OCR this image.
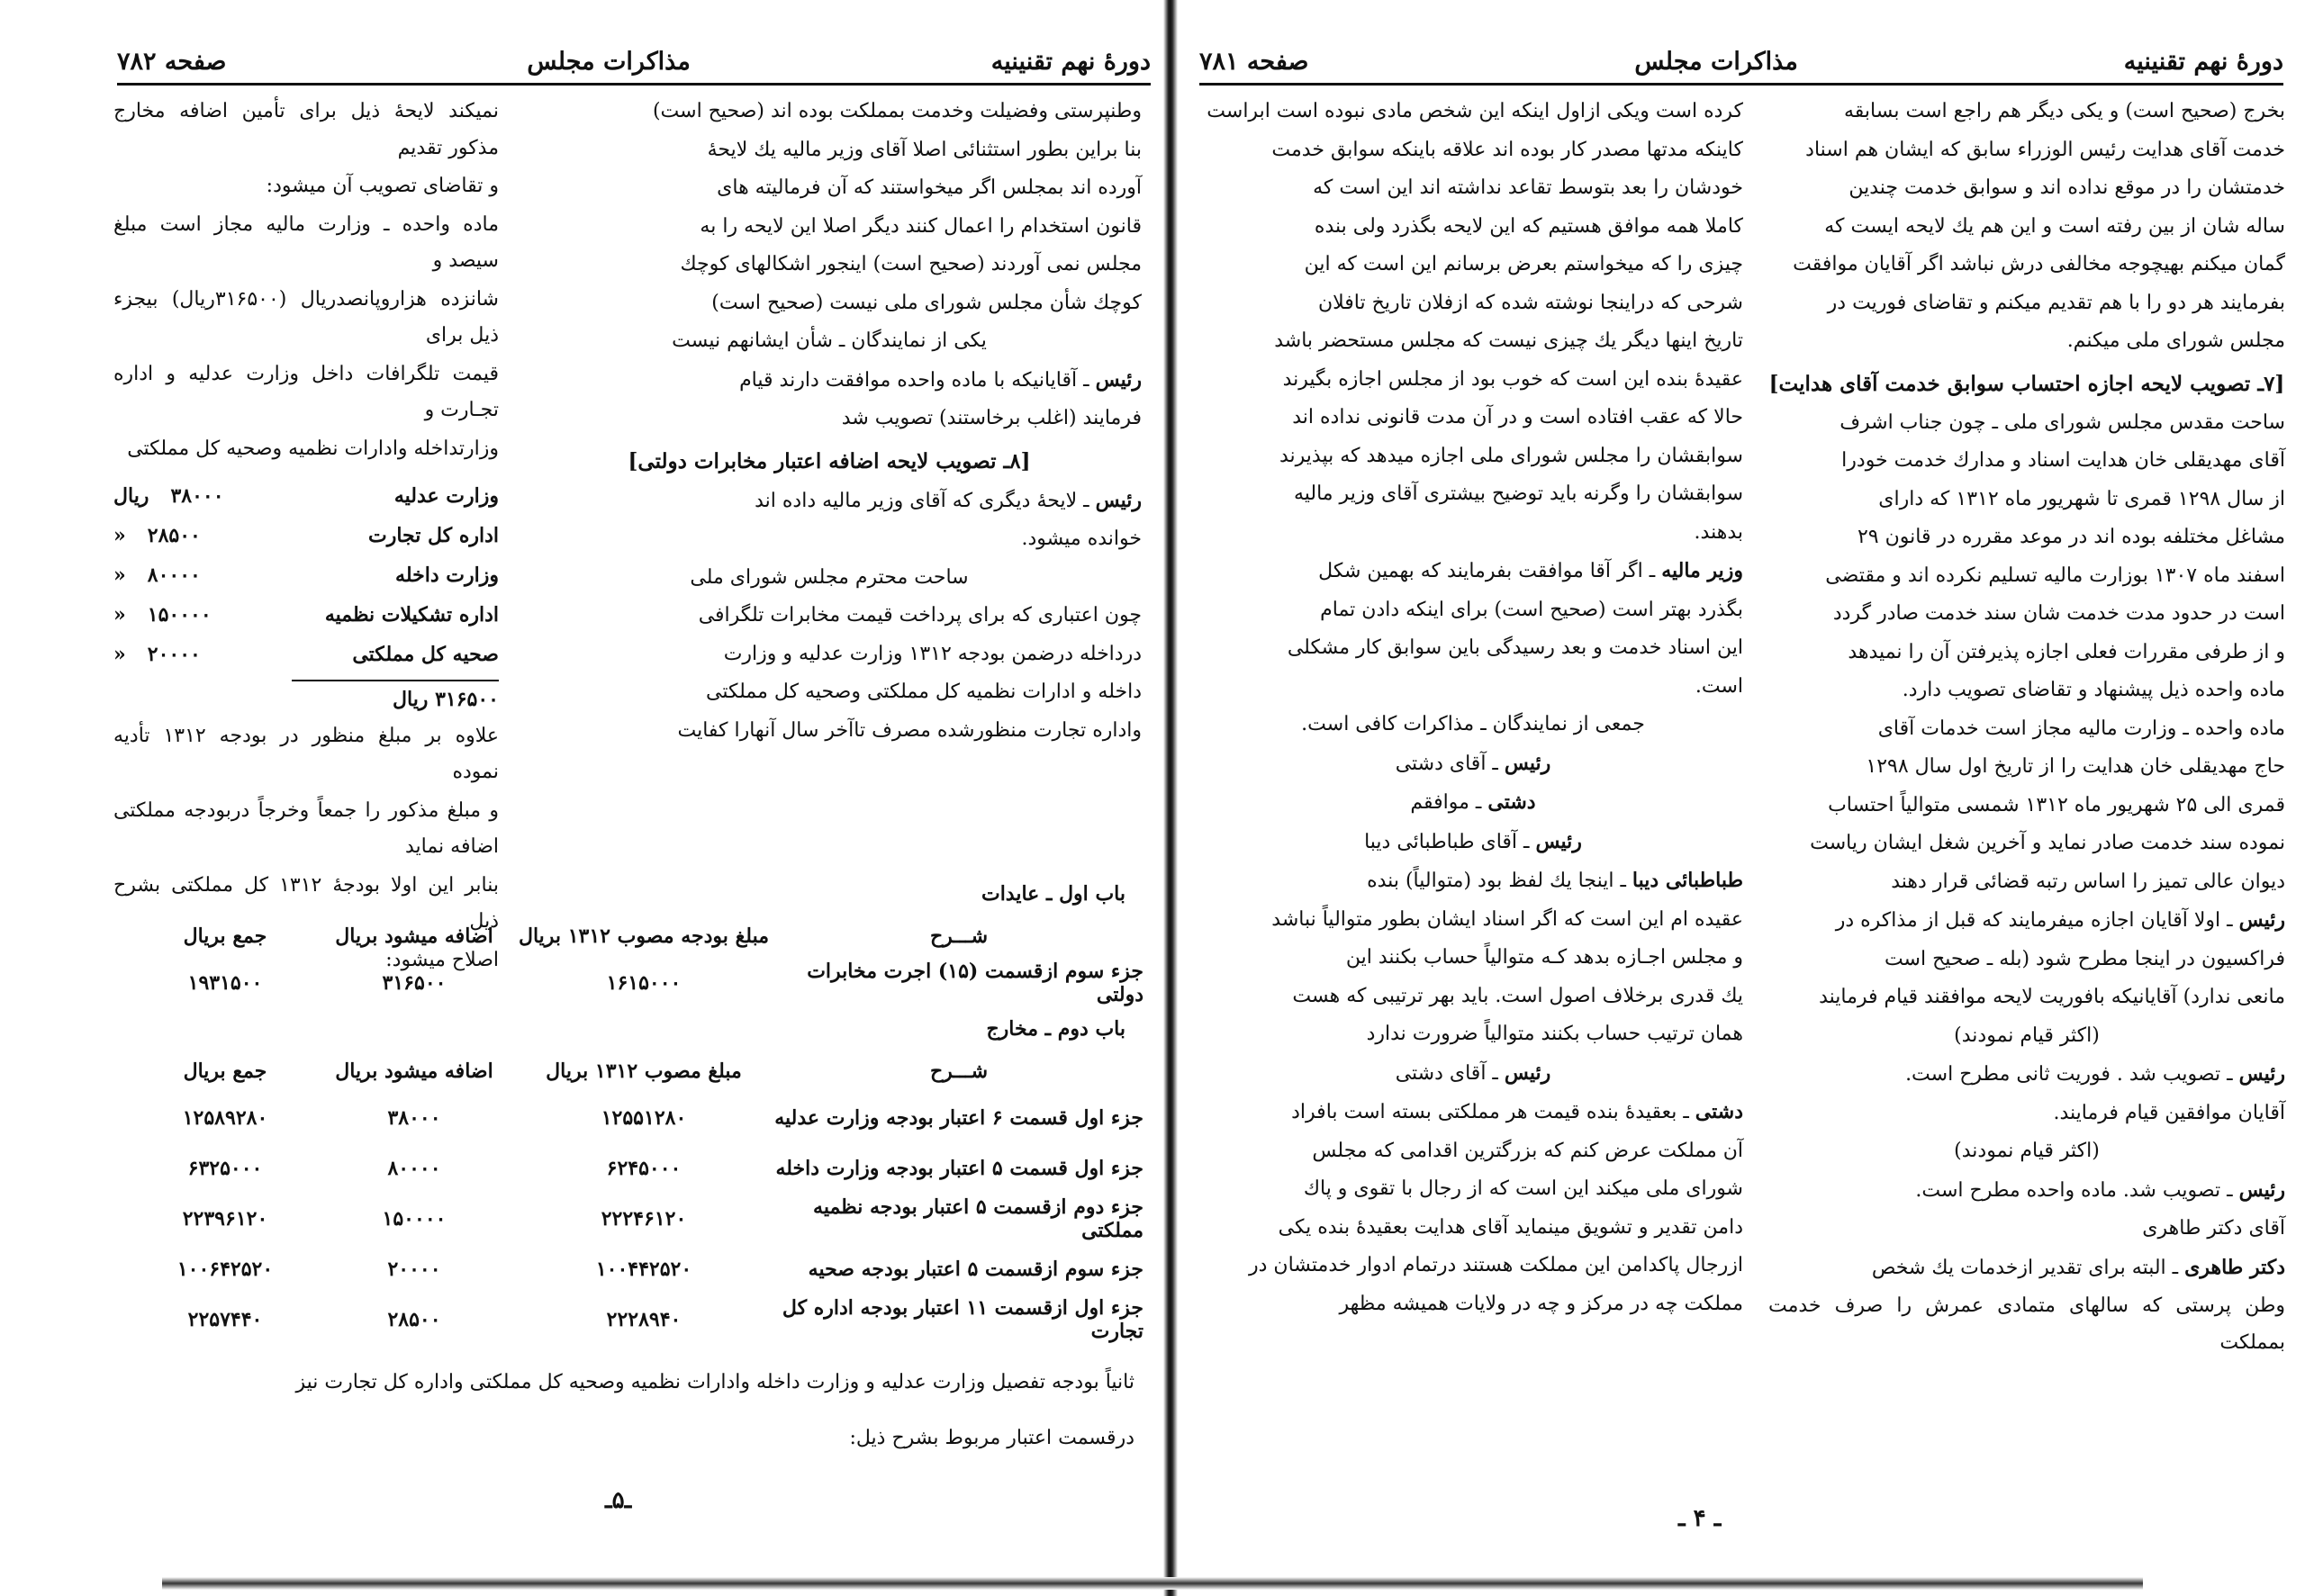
دورهٔ نهم تقنینیه
مذاکرات مجلس
صفحه ۷۸۲

وطنپرستی وفضیلت وخدمت بمملکت بوده اند (صحیح است)

بنا براین بطور استثنائی اصلا آقای وزیر مالیه یك لایحهٔ

آورده اند بمجلس اگر میخواستند که آن فرمالیته های

قانون استخدام را اعمال کنند دیگر اصلا این لایحه را به

مجلس نمی آوردند (صحیح است) اینجور اشکالهای کوچك

کوچك شأن مجلس شورای ملی نیست (صحیح است)

یکی از نمایندگان ـ شأن ایشانهم نیست

رئیس ـ آقایانیکه با ماده واحده موافقت دارند قیام

فرمایند (اغلب برخاستند) تصویب شد

[۸ـ تصویب لایحه اضافه اعتبار مخابرات دولتی]

رئیس ـ لایحهٔ دیگری که آقای وزیر مالیه داده اند

خوانده میشود.

ساحت محترم مجلس شورای ملی

چون اعتباری که برای پرداخت قیمت مخابرات تلگرافی

درداخله درضمن بودجه ۱۳۱۲ وزارت عدلیه و وزارت

داخله و ادارات نظمیه کل مملکتی وصحیه کل مملکتی

واداره تجارت منظورشده مصرف تاآخر سال آنهارا کفایت

نمیکند لایحهٔ ذیل برای تأمین اضافه مخارج مذکور تقدیم

و تقاضای تصویب آن میشود:

ماده واحده ـ وزارت مالیه مجاز است مبلغ سیصد و

شانزده هزاروپانصدریال (۳۱۶۵۰۰ریال) بیجزء ذیل برای

قیمت تلگرافات داخل وزارت عدلیه و اداره تجـارت و

وزارتداخله وادارات نظمیه وصحیه کل مملکتی

وزارت عدلیه
۳۸۰۰۰
ریال
اداره کل تجارت
۲۸۵۰۰
«
وزارت داخله
۸۰۰۰۰
«
اداره تشکیلات نظمیه
۱۵۰۰۰۰
«
صحیه کل مملکتی
۲۰۰۰۰
«
۳۱۶۵۰۰ ریال

علاوه بر مبلغ منظور در بودجه ۱۳۱۲ تأدیه نموده

و مبلغ مذکور را جمعاً وخرجاً دربودجه مملکتی اضافه نماید

بنابر این اولا بودجهٔ ۱۳۱۲ کل مملکتی بشرح ذیل

اصلاح میشود:

باب اول ـ عایدات
شـــرح
مبلغ بودجه مصوب ۱۳۱۲ بریال
اضافه میشود بریال
جمع بریال
جزء سوم ازقسمت (۱۵) اجرت مخابرات دولتی
۱۶۱۵۰۰۰
۳۱۶۵۰۰
۱۹۳۱۵۰۰
باب دوم ـ مخارج
شـــرح
مبلغ مصوب ۱۳۱۲ بریال
اضافه میشود بریال
جمع بریال
جزء اول قسمت ۶ اعتبار بودجه وزارت عدلیه
۱۲۵۵۱۲۸۰
۳۸۰۰۰
۱۲۵۸۹۲۸۰
جزء اول قسمت ۵ اعتبار بودجه وزارت داخله
۶۲۴۵۰۰۰
۸۰۰۰۰
۶۳۲۵۰۰۰
جزء دوم ازقسمت ۵ اعتبار بودجه نظمیه مملکتی
۲۲۲۴۶۱۲۰
۱۵۰۰۰۰
۲۲۳۹۶۱۲۰
جزء سوم ازقسمت ۵ اعتبار بودجه صحیه
۱۰۰۴۴۲۵۲۰
۲۰۰۰۰
۱۰۰۶۴۲۵۲۰
جزء اول ازقسمت ۱۱ اعتبار بودجه اداره کل تجارت
۲۲۲۸۹۴۰
۲۸۵۰۰
۲۲۵۷۴۴۰

ثانیاً بودجه تفصیل وزارت عدلیه و وزارت داخله وادارات نظمیه وصحیه کل مملکتی واداره کل تجارت نیز

درقسمت اعتبار مربوط بشرح ذیل:

ـ۵ـ
دورهٔ نهم تقنینیه
مذاکرات مجلس
صفحه ۷۸۱

بخرج (صحیح است) و یکی دیگر هم راجع است بسابقه

خدمت آقای هدایت رئیس الوزراء سابق که ایشان هم اسناد

خدمتشان را در موقع نداده اند و سوابق خدمت چندین

ساله شان از بین رفته است و این هم یك لایحه ایست که

گمان میکنم بهیچوجه مخالفی درش نباشد اگر آقایان موافقت

بفرمایند هر دو را با هم تقدیم میکنم و تقاضای فوریت در

مجلس شورای ملی میکنم.

[۷ـ تصویب لایحه اجازه احتساب سوابق خدمت آقای هدایت]

ساحت مقدس مجلس شورای ملی ـ چون جناب اشرف

آقای مهدیقلی خان هدایت اسناد و مدارك خدمت خودرا

از سال ۱۲۹۸ قمری تا شهریور ماه ۱۳۱۲ که دارای

مشاغل مختلفه بوده اند در موعد مقرره در قانون ۲۹

اسفند ماه ۱۳۰۷ بوزارت مالیه تسلیم نکرده اند و مقتضی

است در حدود مدت خدمت شان سند خدمت صادر گردد

و از طرفی مقررات فعلی اجازه پذیرفتن آن را نمیدهد

ماده واحده ذیل پیشنهاد و تقاضای تصویب دارد.

ماده واحده ـ وزارت مالیه مجاز است خدمات آقای

حاج مهدیقلی خان هدایت را از تاریخ اول سال ۱۲۹۸

قمری الی ۲۵ شهریور ماه ۱۳۱۲ شمسی متوالیاً احتساب

نموده سند خدمت صادر نماید و آخرین شغل ایشان ریاست

دیوان عالی تمیز را اساس رتبه قضائی قرار دهند

رئیس ـ اولا آقایان اجازه میفرمایند که قبل از مذاکره در

فراکسیون در اینجا مطرح شود (بله ـ صحیح است

مانعی ندارد) آقایانیکه بافوریت لایحه موافقند قیام فرمایند

(اکثر قیام نمودند)

رئیس ـ تصویب شد . فوریت ثانی مطرح است.

آقایان موافقین قیام فرمایند.

(اکثر قیام نمودند)

رئیس ـ تصویب شد. ماده واحده مطرح است.

آقای دکتر طاهری

دکتر طاهری ـ البته برای تقدیر ازخدمات یك شخص

وطن پرستی که سالهای متمادی عمرش را صرف خدمت بمملکت

کرده است ویکی ازاول اینکه این شخص مادی نبوده است ابراست

کاینکه مدتها مصدر کار بوده اند علاقه باینکه سوابق خدمت

خودشان را بعد بتوسط تقاعد نداشته اند این است که

کاملا همه موافق هستیم که این لایحه بگذرد ولی بنده

چیزی را که میخواستم بعرض برسانم این است که این

شرحی که دراینجا نوشته شده که ازفلان تاریخ تافلان

تاریخ اینها دیگر یك چیزی نیست که مجلس مستحضر باشد

عقیدهٔ بنده این است که خوب بود از مجلس اجازه بگیرند

حالا که عقب افتاده است و در آن مدت قانونی نداده اند

سوابقشان را مجلس شورای ملی اجازه میدهد که بپذیرند

سوابقشان را وگرنه باید توضیح بیشتری آقای وزیر مالیه

بدهند.

وزیر مالیه ـ اگر آقا موافقت بفرمایند که بهمین شکل

بگذرد بهتر است (صحیح است) برای اینکه دادن تمام

این اسناد خدمت و بعد رسیدگی باین سوابق کار مشکلی

است.

جمعی از نمایندگان ـ مذاکرات کافی است.

رئیس ـ آقای دشتی

دشتی ـ موافقم

رئیس ـ آقای طباطبائی دیبا

طباطبائی دیبا ـ اینجا یك لفظ بود (متوالیاً) بنده

عقیده ام این است که اگر اسناد ایشان بطور متوالیاً نباشد

و مجلس اجـازه بدهد کـه متوالیاً حساب بکنند این

یك قدری برخلاف اصول است. باید بهر ترتیبی که هست

همان ترتیب حساب بکنند متوالیاً ضرورت ندارد

رئیس ـ آقای دشتی

دشتی ـ بعقیدهٔ بنده قیمت هر مملکتی بسته است بافراد

آن مملکت عرض کنم که بزرگترین اقدامی که مجلس

شورای ملی میکند این است که از رجال با تقوی و پاك

دامن تقدیر و تشویق مینماید آقای هدایت بعقیدهٔ بنده یکی

ازرجال پاکدامن این مملکت هستند درتمام ادوار خدمتشان در

مملکت چه در مرکز و چه در ولایات همیشه مظهر

ـ ۴ ـ
